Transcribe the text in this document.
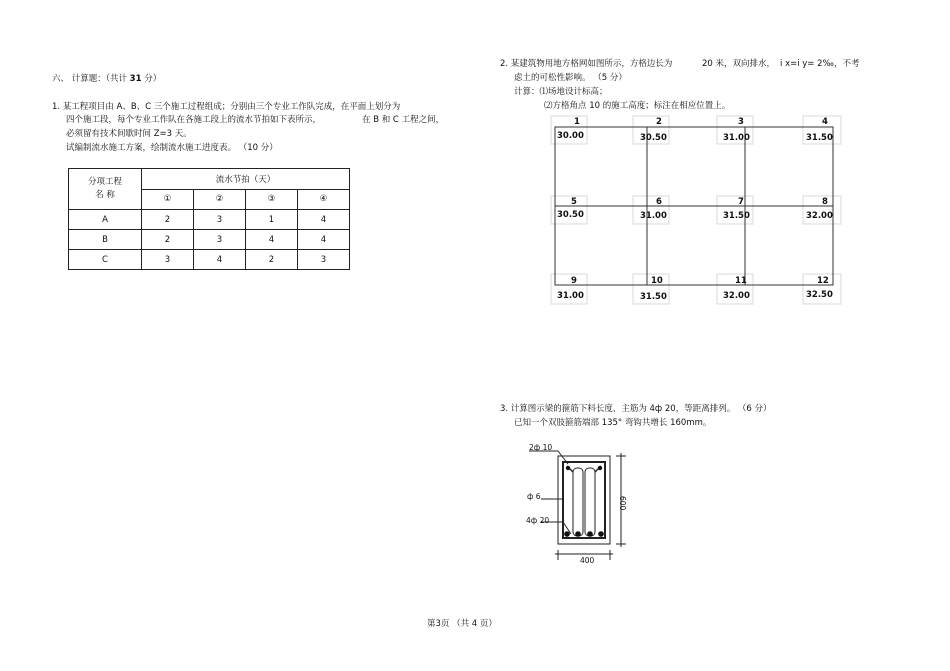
六、 计算题：（共计 31 分）
1. 某工程项目由 A、B、C 三个施工过程组成；分别由三个专业工作队完成，在平面上划分为
四个施工段，每个专业工作队在各施工段上的流水节拍如下表所示，	在 B 和 C 工程之间，
必须留有技术间歇时间 Z=3 天。
试编制流水施工方案，绘制流水施工进度表。 （10 分）
分项工程
名 称	流水节拍（天）			
	①	②	③	④
A	2	3	1	4
B	2	3	4	4
C	3	4	2	3
2. 某建筑物用地方格网如图所示，方格边长为	20 米，双向排水， i x=i y= 2‰，不考
虑土的可松性影响。 （5 分）
计算：⑴场地设计标高；
⑵方格角点 10 的施工高度；标注在相应位置上。
1
30.00
2
30.50
3
31.00
4
31.50
5
30.50
6
31.00
7
31.50
8
32.00
9
31.00
10
31.50
11
32.00
12
32.50
3. 计算图示梁的箍筋下料长度，主筋为 4ф 20，等距离排列。 （6 分）
已知一个双肢箍筋端部 135° 弯钩共增长 160mm。
2ф 10
ф 6
4ф 20
600
400
第3页 （共 4 页）
